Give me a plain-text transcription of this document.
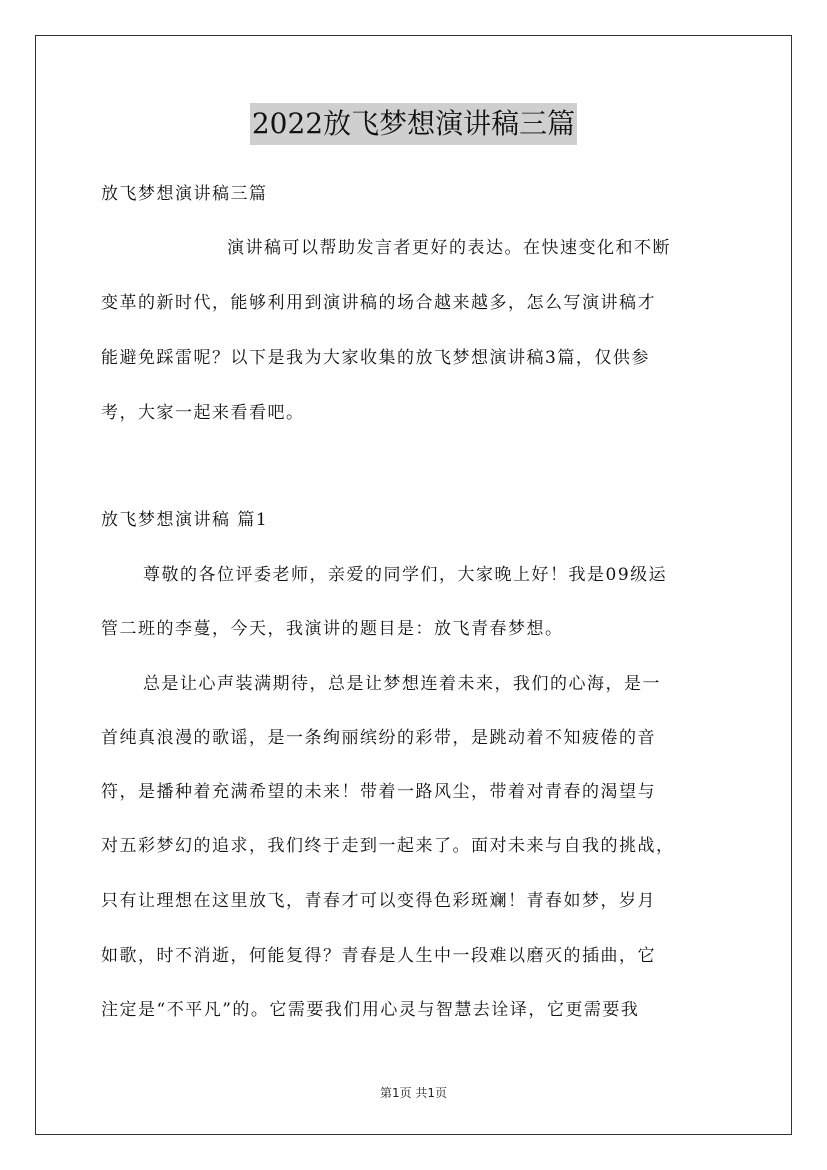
2022放飞梦想演讲稿三篇
放飞梦想演讲稿三篇
演讲稿可以帮助发言者更好的表达。在快速变化和不断
变革的新时代，能够利用到演讲稿的场合越来越多，怎么写演讲稿才
能避免踩雷呢？以下是我为大家收集的放飞梦想演讲稿3篇，仅供参
考，大家一起来看看吧。
放飞梦想演讲稿 篇1
尊敬的各位评委老师，亲爱的同学们，大家晚上好！我是09级运
管二班的李蔓，今天，我演讲的题目是：放飞青春梦想。
总是让心声装满期待，总是让梦想连着未来，我们的心海，是一
首纯真浪漫的歌谣，是一条绚丽缤纷的彩带，是跳动着不知疲倦的音
符，是播种着充满希望的未来！带着一路风尘，带着对青春的渴望与
对五彩梦幻的追求，我们终于走到一起来了。面对未来与自我的挑战，
只有让理想在这里放飞，青春才可以变得色彩斑斓！青春如梦，岁月
如歌，时不消逝，何能复得？青春是人生中一段难以磨灭的插曲，它
注定是“不平凡”的。它需要我们用心灵与智慧去诠译，它更需要我
第1页 共1页
